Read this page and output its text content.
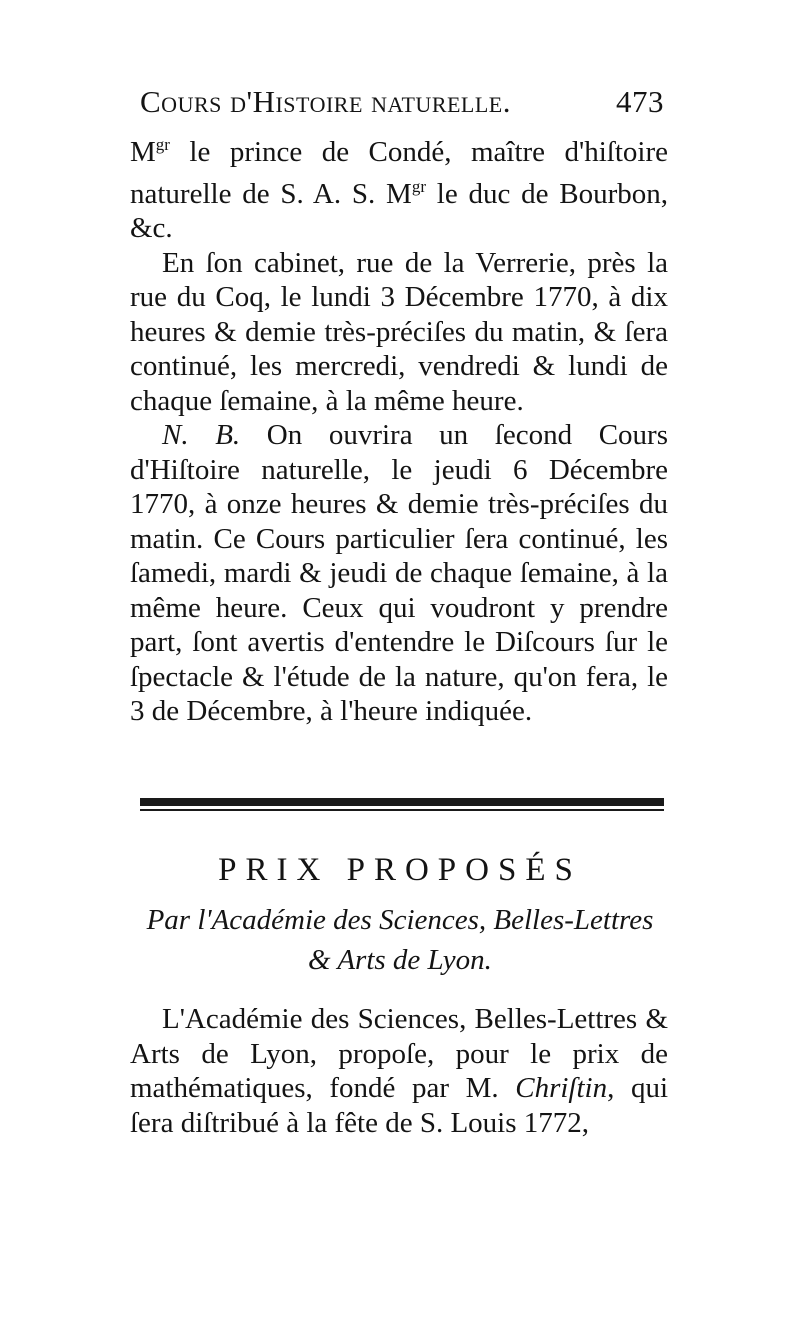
Cours d'Histoire naturelle.	473

$M^{gr}$ le prince de Condé, maître d'hiſtoire naturelle de S. A. S. $M^{gr}$ le duc de Bourbon, &c.

En ſon cabinet, rue de la Verrerie, près la rue du Coq, le lundi 3 Décembre 1770, à dix heures & demie très-préciſes du matin, & ſera continué, les mercredi, vendredi & lundi de chaque ſemaine, à la même heure.

N. B. On ouvrira un ſecond Cours d'Hiſtoire naturelle, le jeudi 6 Décembre 1770, à onze heures & demie très-préciſes du matin. Ce Cours particulier ſera continué, les ſamedi, mardi & jeudi de chaque ſemaine, à la même heure. Ceux qui voudront y prendre part, ſont avertis d'entendre le Diſcours ſur le ſpectacle & l'étude de la nature, qu'on fera, le 3 de Décembre, à l'heure indiquée.

PRIX PROPOSÉS
Par l'Académie des Sciences, Belles-Lettres
& Arts de Lyon.

L'Académie des Sciences, Belles-Lettres & Arts de Lyon, propoſe, pour le prix de mathématiques, fondé par M. Chriſtin, qui ſera diſtribué à la fête de S. Louis 1772,
